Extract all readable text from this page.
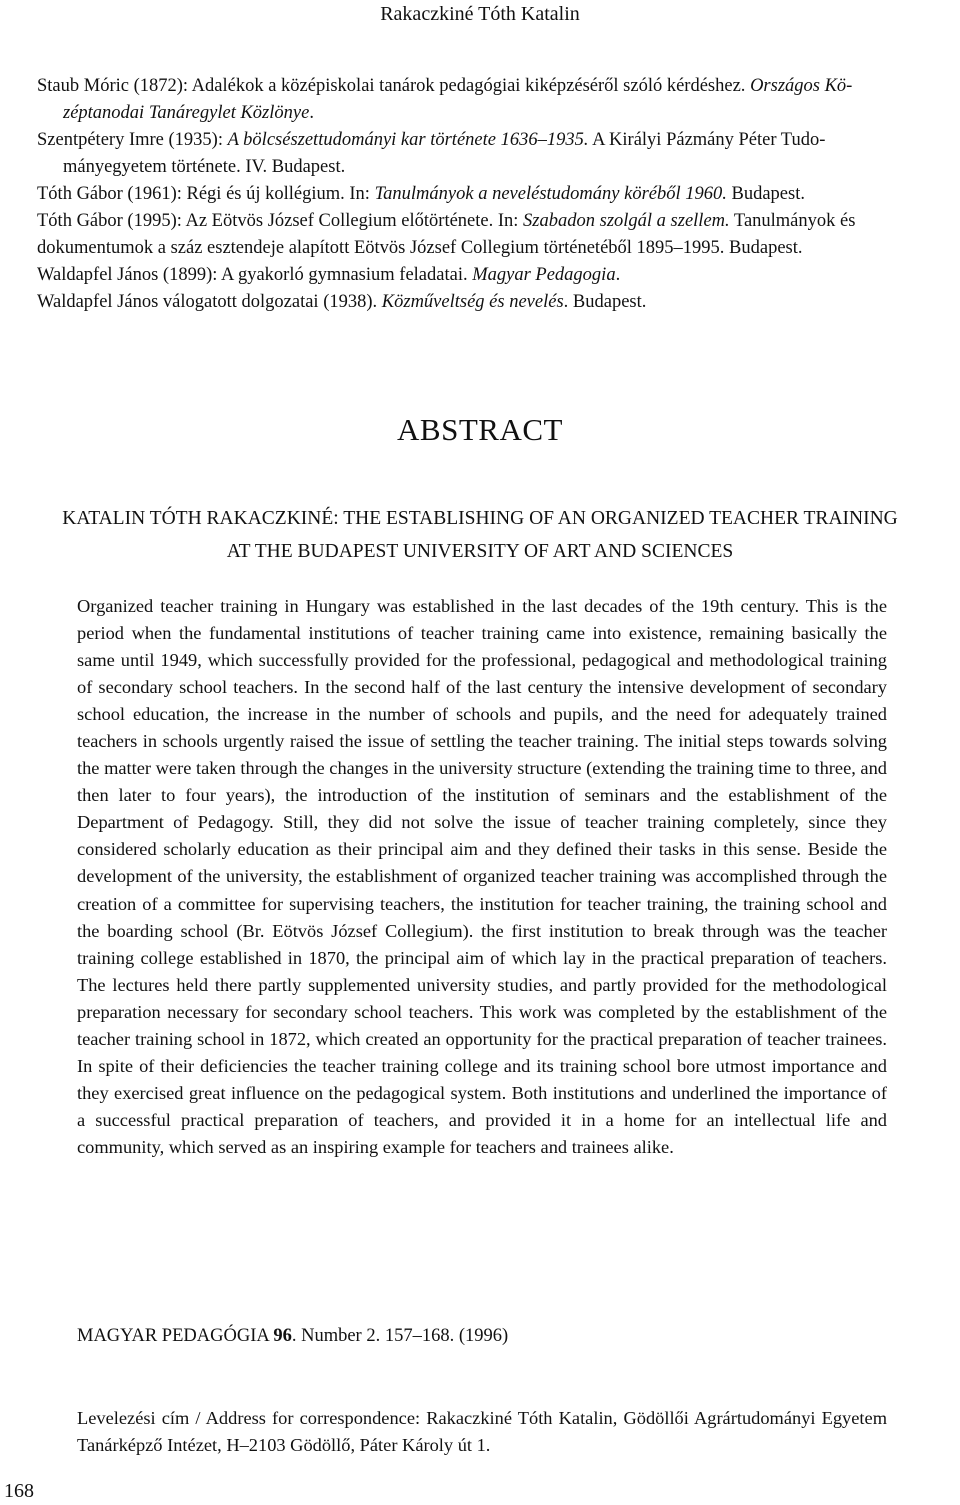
Rakaczkiné Tóth Katalin
Staub Móric (1872): Adalékok a középiskolai tanárok pedagógiai kiképzéséről szóló kérdéshez. Országos Kö-
zéptanodai Tanáregylet Közlönye.
Szentpétery Imre (1935): A bölcsészettudományi kar története 1636–1935. A Királyi Pázmány Péter Tudo-
mányegyetem története. IV. Budapest.
Tóth Gábor (1961): Régi és új kollégium. In: Tanulmányok a neveléstudomány köréből 1960. Budapest.
Tóth Gábor (1995): Az Eötvös József Collegium előtörténete. In: Szabadon szolgál a szellem. Tanulmányok és
dokumentumok a száz esztendeje alapított Eötvös József Collegium történetéből 1895–1995. Budapest.
Waldapfel János (1899): A gyakorló gymnasium feladatai. Magyar Pedagogia.
Waldapfel János válogatott dolgozatai (1938). Közműveltség és nevelés. Budapest.
ABSTRACT
KATALIN TÓTH RAKACZKINÉ: THE ESTABLISHING OF AN ORGANIZED TEACHER TRAINING
AT THE BUDAPEST UNIVERSITY OF ART AND SCIENCES
Organized teacher training in Hungary was established in the last decades of the 19th century. This is the period when the fundamental institutions of teacher training came into existence, remaining basically the same until 1949, which successfully provided for the professional, pedagogical and methodological training of secondary school teachers. In the second half of the last century the intensive development of secondary school education, the increase in the number of schools and pupils, and the need for adequately trained teachers in schools urgently raised the issue of settling the teacher training. The initial steps towards solving the matter were taken through the changes in the university structure (extending the training time to three, and then later to four years), the introduction of the institution of seminars and the establishment of the Department of Pedagogy. Still, they did not solve the issue of teacher training completely, since they considered scholarly education as their principal aim and they defined their tasks in this sense. Beside the development of the university, the establishment of organized teacher training was accomplished through the creation of a committee for supervising teachers, the institution for teacher training, the training school and the boarding school (Br. Eötvös József Collegium). the first institution to break through was the teacher training college established in 1870, the principal aim of which lay in the practical preparation of teachers. The lectures held there partly supplemented university studies, and partly provided for the methodological preparation necessary for secondary school teachers. This work was completed by the establishment of the teacher training school in 1872, which created an opportunity for the practical preparation of teacher trainees. In spite of their deficiencies the teacher training college and its training school bore utmost importance and they exercised great influence on the pedagogical system. Both institutions and underlined the importance of a successful practical preparation of teachers, and provided it in a home for an intellectual life and community, which served as an inspiring example for teachers and trainees alike.
MAGYAR PEDAGÓGIA 96. Number 2. 157–168. (1996)
Levelezési cím / Address for correspondence: Rakaczkiné Tóth Katalin, Gödöllői Agrártudományi Egyetem Tanárképző Intézet, H–2103 Gödöllő, Páter Károly út 1.
168
